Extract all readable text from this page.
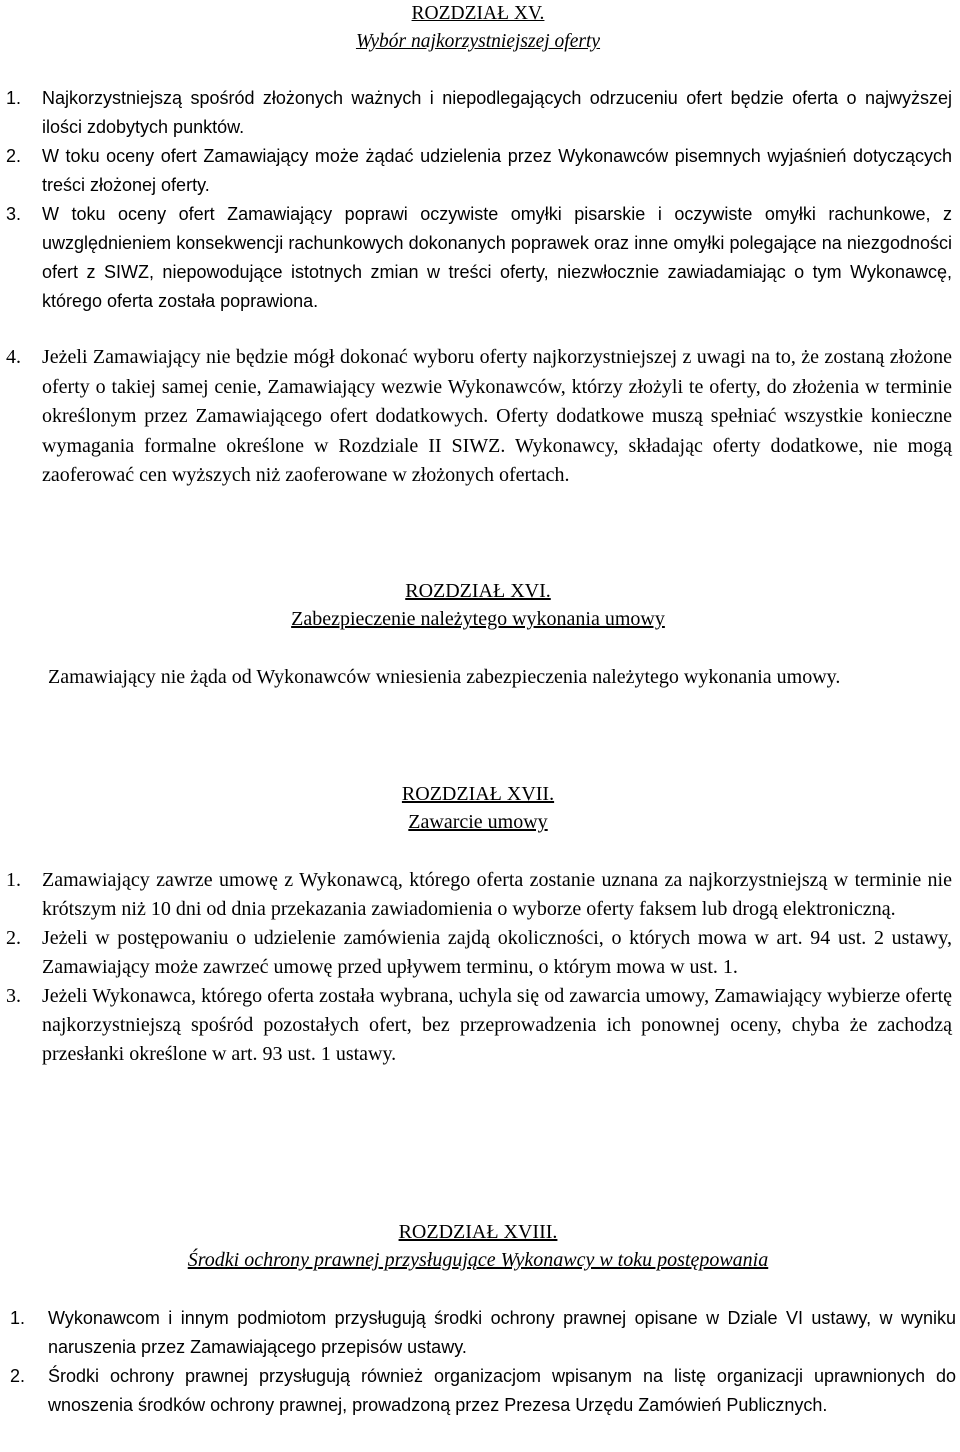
ROZDZIAŁ XV.
Wybór najkorzystniejszej oferty
1. Najkorzystniejszą spośród złożonych ważnych i niepodlegających odrzuceniu ofert będzie oferta o najwyższej ilości zdobytych punktów.
2. W toku oceny ofert Zamawiający może żądać udzielenia przez Wykonawców pisemnych wyjaśnień dotyczących treści złożonej oferty.
3. W toku oceny ofert Zamawiający poprawi oczywiste omyłki pisarskie i oczywiste omyłki rachunkowe, z uwzględnieniem konsekwencji rachunkowych dokonanych poprawek oraz inne omyłki polegające na niezgodności ofert z SIWZ, niepowodujące istotnych zmian w treści oferty, niezwłocznie zawiadamiając o tym Wykonawcę, którego oferta została poprawiona.
4. Jeżeli Zamawiający nie będzie mógł dokonać wyboru oferty najkorzystniejszej z uwagi na to, że zostaną złożone oferty o takiej samej cenie, Zamawiający wezwie Wykonawców, którzy złożyli te oferty, do złożenia w terminie określonym przez Zamawiającego ofert dodatkowych. Oferty dodatkowe muszą spełniać wszystkie konieczne wymagania formalne określone w Rozdziale II SIWZ. Wykonawcy, składając oferty dodatkowe, nie mogą zaoferować cen wyższych niż zaoferowane w złożonych ofertach.
ROZDZIAŁ XVI.
Zabezpieczenie należytego wykonania umowy

Zamawiający nie żąda od Wykonawców wniesienia zabezpieczenia należytego wykonania umowy.

ROZDZIAŁ XVII.
Zawarcie umowy
1. Zamawiający zawrze umowę z Wykonawcą, którego oferta zostanie uznana za najkorzystniejszą w terminie nie krótszym niż 10 dni od dnia przekazania zawiadomienia o wyborze oferty faksem lub drogą elektroniczną.
2. Jeżeli w postępowaniu o udzielenie zamówienia zajdą okoliczności, o których mowa w art. 94 ust. 2 ustawy, Zamawiający może zawrzeć umowę przed upływem terminu, o którym mowa w ust. 1.
3. Jeżeli Wykonawca, którego oferta została wybrana, uchyla się od zawarcia umowy, Zamawiający wybierze ofertę najkorzystniejszą spośród pozostałych ofert, bez przeprowadzenia ich ponownej oceny, chyba że zachodzą przesłanki określone w art. 93 ust. 1 ustawy.
ROZDZIAŁ XVIII.
Środki ochrony prawnej przysługujące Wykonawcy w toku postępowania
1. Wykonawcom i innym podmiotom przysługują środki ochrony prawnej opisane w Dziale VI ustawy, w wyniku naruszenia przez Zamawiającego przepisów ustawy.
2. Środki ochrony prawnej przysługują również organizacjom wpisanym na listę organizacji uprawnionych do wnoszenia środków ochrony prawnej, prowadzoną przez Prezesa Urzędu Zamówień Publicznych.
